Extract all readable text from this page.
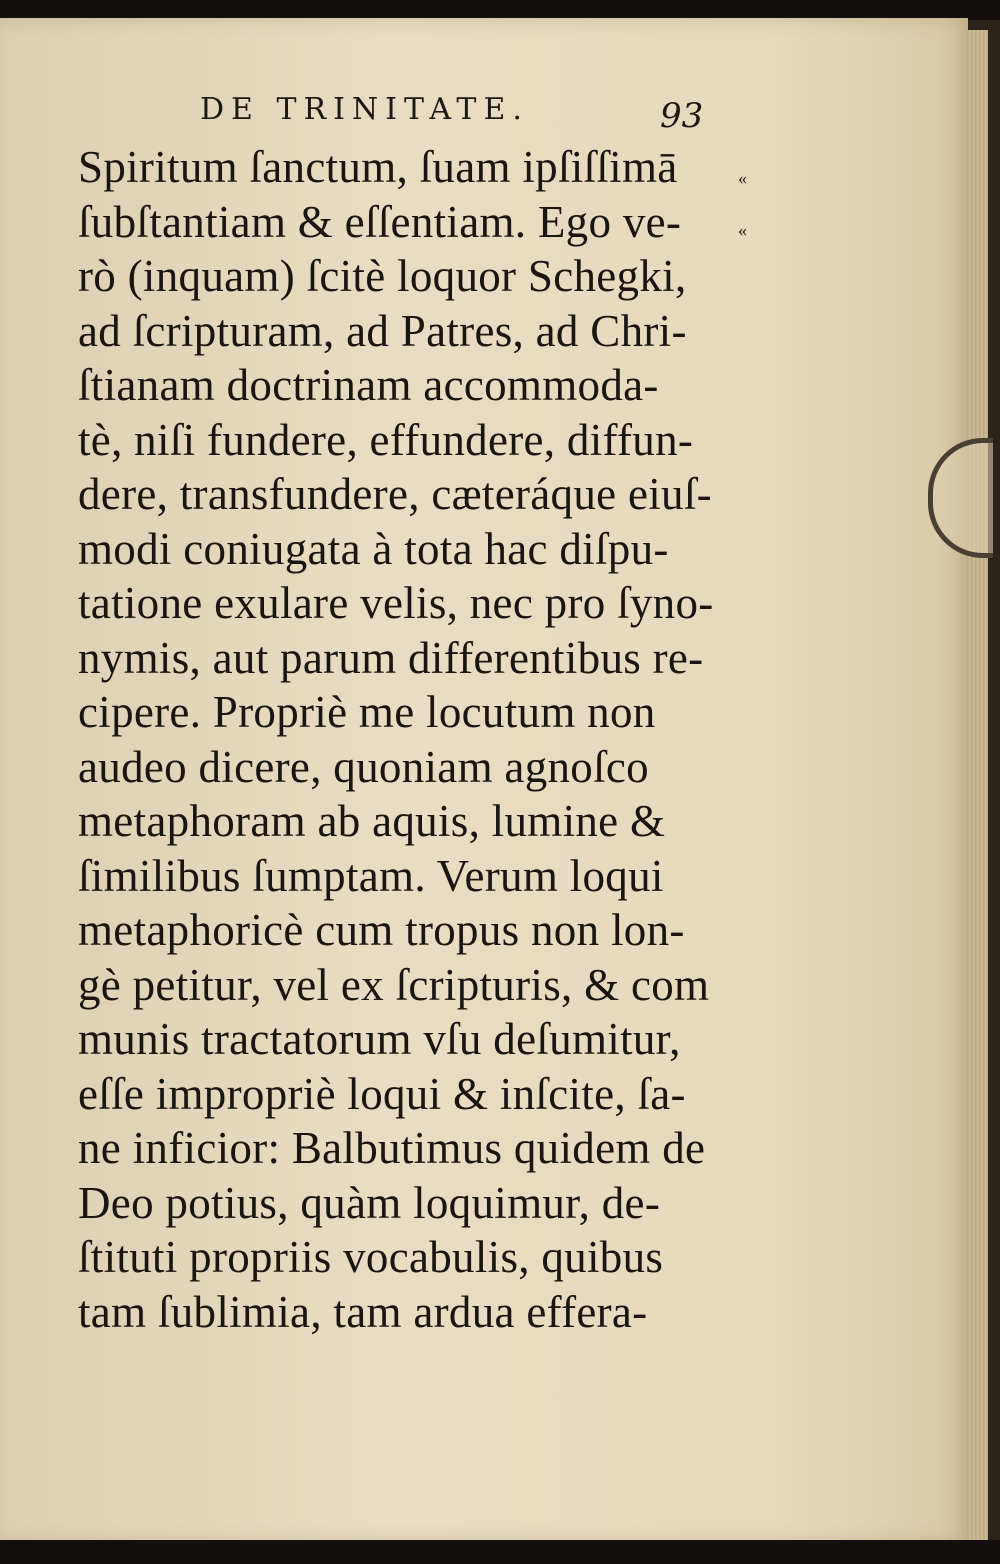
DE TRINITATE.	93
«
«
Spiritum ſanctum, ſuam ipſiſſimā
ſubſtantiam & eſſentiam. Ego ve-
rò (inquam) ſcitè loquor Schegki,
ad ſcripturam, ad Patres, ad Chri-
ſtianam doctrinam accommoda-
tè, niſi fundere, effundere, diffun-
dere, transfundere, cæteráque eiuſ-
modi coniugata à tota hac diſpu-
tatione exulare velis, nec pro ſyno-
nymis, aut parum differentibus re-
cipere. Propriè me locutum non
audeo dicere, quoniam agnoſco
metaphoram ab aquis, lumine &
ſimilibus ſumptam. Verum loqui
metaphoricè cum tropus non lon-
gè petitur, vel ex ſcripturis, & com
munis tractatorum vſu deſumitur,
eſſe impropriè loqui & inſcite, ſa-
ne inficior: Balbutimus quidem de
Deo potius, quàm loquimur, de-
ſtituti propriis vocabulis, quibus
tam ſublimia, tam ardua effera-
